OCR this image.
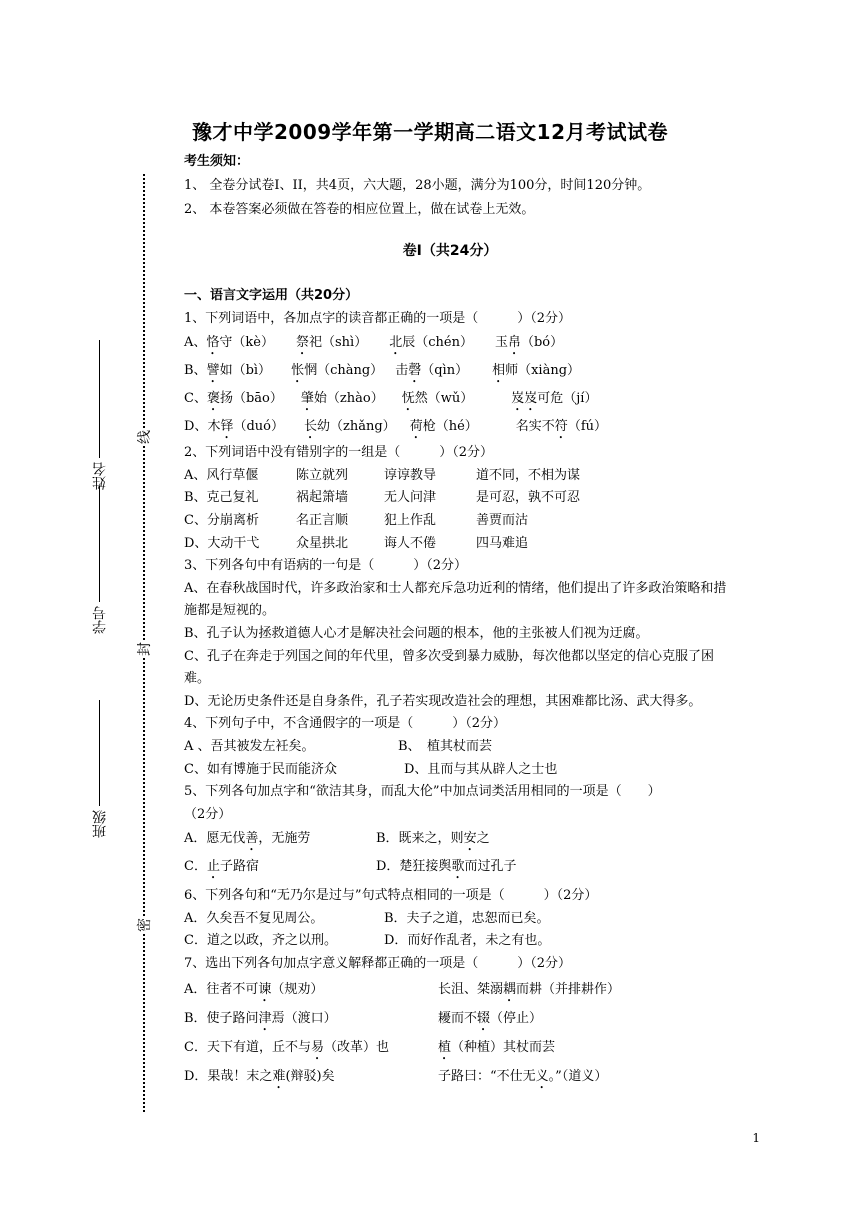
姓名
学号
班级
线
封
密
豫才中学2009学年第一学期高二语文12月考试试卷
考生须知：
1、 全卷分试卷I、II，共4页，六大题，28小题，满分为100分，时间120分钟。
2、 本卷答案必须做在答卷的相应位置上，做在试卷上无效。
卷Ⅰ（共24分）
一、语言文字运用（共20分）
1、下列词语中，各加点字的读音都正确的一项是（　　　）（2分）
A、恪守（kè） 祭祀（shì） 北辰（chén） 玉帛（bó）
B、譬如（bì） 怅惘（chàng） 击磬（qìn） 相师（xiàng）
C、褒扬（bāo） 肇始（zhào） 怃然（wǔ）	岌岌可危（jí）
D、木铎（duó） 长幼（zhǎng） 荷枪（hé）	名实不符（fú）
2、下列词语中没有错别字的一组是（　　　）（2分）
A、风行草偃	陈立就列	谆谆教导	道不同，不相为谋
B、克己复礼	祸起箫墙	无人问津	是可忍，孰不可忍
C、分崩离析	名正言顺	犯上作乱	善贾而沽
D、大动干弋	众星拱北	诲人不倦	四马难追
3、下列各句中有语病的一句是（　　　）（2分）
A、在春秋战国时代，许多政治家和士人都充斥急功近利的情绪，他们提出了许多政治策略和措施都是短视的。
B、孔子认为拯救道德人心才是解决社会问题的根本，他的主张被人们视为迂腐。
C、孔子在奔走于列国之间的年代里，曾多次受到暴力威胁，每次他都以坚定的信心克服了困难。
D、无论历史条件还是自身条件，孔子若实现改造社会的理想，其困难都比汤、武大得多。
4、下列句子中，不含通假字的一项是（　　　）（2分）
A 、吾其被发左衽矣。	B、　植其杖而芸
C、如有博施于民而能济众	D、且而与其从辟人之士也
5、下列各句加点字和“欲洁其身，而乱大伦”中加点词类活用相同的一项是（　　）
（2分）
A．愿无伐善，无施劳	B．既来之，则安之
C．止子路宿	D．楚狂接舆歌而过孔子
6、下列各句和“无乃尔是过与”句式特点相同的一项是（　　　）（2分）
A．久矣吾不复见周公。	B．夫子之道，忠恕而已矣。
C．道之以政，齐之以刑。	D．而好作乱者，未之有也。
7、选出下列各句加点字意义解释都正确的一项是（　　　）（2分）
A．往者不可谏（规劝）	长沮、桀溺耦而耕（并排耕作）
B．使子路问津焉（渡口）	耰而不辍（停止）
C．天下有道，丘不与易（改革）也	植（种植）其杖而芸
D．果哉！末之难(辩驳)矣	子路曰：“不仕无义。”（道义）
1
